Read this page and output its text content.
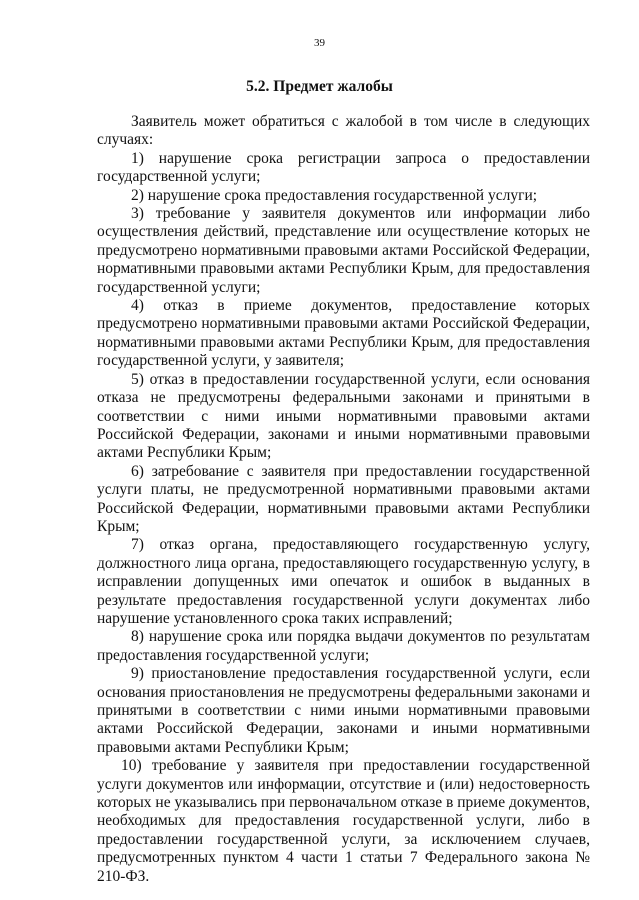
39
5.2. Предмет жалобы

Заявитель может обратиться с жалобой в том числе в следующих случаях:

1) нарушение срока регистрации запроса о предоставлении государственной услуги;

2) нарушение срока предоставления государственной услуги;

3) требование у заявителя документов или информации либо осуществления действий, представление или осуществление которых не предусмотрено нормативными правовыми актами Российской Федерации, нормативными правовыми актами Республики Крым, для предоставления государственной услуги;

4) отказ в приеме документов, предоставление которых предусмотрено нормативными правовыми актами Российской Федерации, нормативными правовыми актами Республики Крым, для предоставления государственной услуги, у заявителя;

5) отказ в предоставлении государственной услуги, если основания отказа не предусмотрены федеральными законами и принятыми в соответствии с ними иными нормативными правовыми актами Российской Федерации, законами и иными нормативными правовыми актами Республики Крым;

6) затребование с заявителя при предоставлении государственной услуги платы, не предусмотренной нормативными правовыми актами Российской Федерации, нормативными правовыми актами Республики Крым;

7) отказ органа, предоставляющего государственную услугу, должностного лица органа, предоставляющего государственную услугу, в исправлении допущенных ими опечаток и ошибок в выданных в результате предоставления государственной услуги документах либо нарушение установленного срока таких исправлений;

8) нарушение срока или порядка выдачи документов по результатам предоставления государственной услуги;

9) приостановление предоставления государственной услуги, если основания приостановления не предусмотрены федеральными законами и принятыми в соответствии с ними иными нормативными правовыми актами Российской Федерации, законами и иными нормативными правовыми актами Республики Крым;

10) требование у заявителя при предоставлении государственной услуги документов или информации, отсутствие и (или) недостоверность которых не указывались при первоначальном отказе в приеме документов, необходимых для предоставления государственной услуги, либо в предоставлении государственной услуги, за исключением случаев, предусмотренных пунктом 4 части 1 статьи 7 Федерального закона № 210-ФЗ.
